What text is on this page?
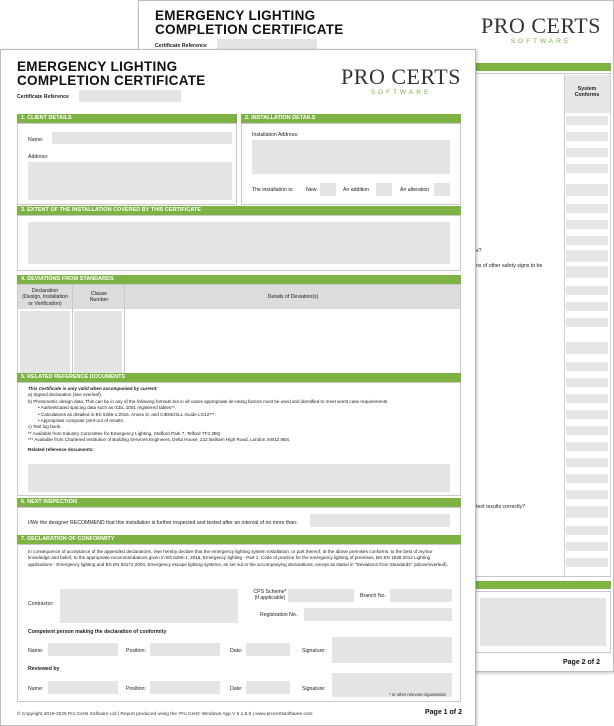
EMERGENCY LIGHTING
COMPLETION CERTIFICATE	PRO CERTS
SOFTWARE
Certificate Reference
System
Conforms
s?
ns of other safety signs to be
test results correctly?
Page 2 of 2
EMERGENCY LIGHTING
COMPLETION CERTIFICATE	PRO CERTS
SOFTWARE
Certificate Reference
1. CLIENT DETAILS
Name:
Address:
2. INSTALLATION DETAILS
Installation Address:
The installation is: New	An addition	An alteration
3. EXTENT OF THE INSTALLATION COVERED BY THIS CERTIFICATE
4. DEVIATIONS FROM STANDARDS
Declaration
(Design, Installation
or Verification)
Clause
Number
Details of Deviation(s)
5. RELATED REFERENCE DOCUMENTS
This Certificate is only valid when accompanied by current:
a) Signed declaration (see overleaf).
b) Photometric design data. This can be in any of the following formats but in all cases appropriate de-rating factors must be used and identified to meet worst case requirements.
• Authenticated spacing data such as ICEL 1001 registered tables**.
• Calculations as detailed in BS 5266-1:2016, Annex D, and CIBSE/SLL Guide LG12***.
• Appropriate computer print-out of results.
c) Test log book.
** Available from Industry Committee for Emergency Lighting, Stafford Park 7, Telford TF3 3BQ
*** Available from Chartered Institution of Building Services Engineers, Delta House, 222 Balham High Road, London SW12 9BS.
Related reference documents:
6. NEXT INSPECTION
I/We the designer RECOMMEND that this installation is further inspected and tested after an interval of no more than:
7. DECLARATION OF CONFORMITY
In consequence of acceptance of the appended declarations, I/we hereby declare that the emergency lighting system installation, or part thereof, at the above premises conforms, to the best of my/our knowledge and belief, to the appropriate recommendations given in BS 5266-1: 2016, Emergency lighting - Part 1: Code of practice for the emergency lighting of premises, BS EN 1838:2013 Lighting applications - Emergency lighting and BS EN 50172:2004, Emergency escape lighting systems, as set out in the accompanying declarations, except as stated in "Deviations from Standards" (above/overleaf).
Contractor:
CPS Scheme*
(if applicable)	Branch No.
Registration No.
Competent person making the declaration of conformity
Name:	Position:	Date:	Signature:
Reviewed by
Name:	Position:	Date:	Signature:
* or other relevant organisation
© Copyright 2019-2025 Pro Certs Software Ltd | Report produced using the 'Pro Certs' Windows App V 5.1.6.0 | www.procertssoftware.com	Page 1 of 2
